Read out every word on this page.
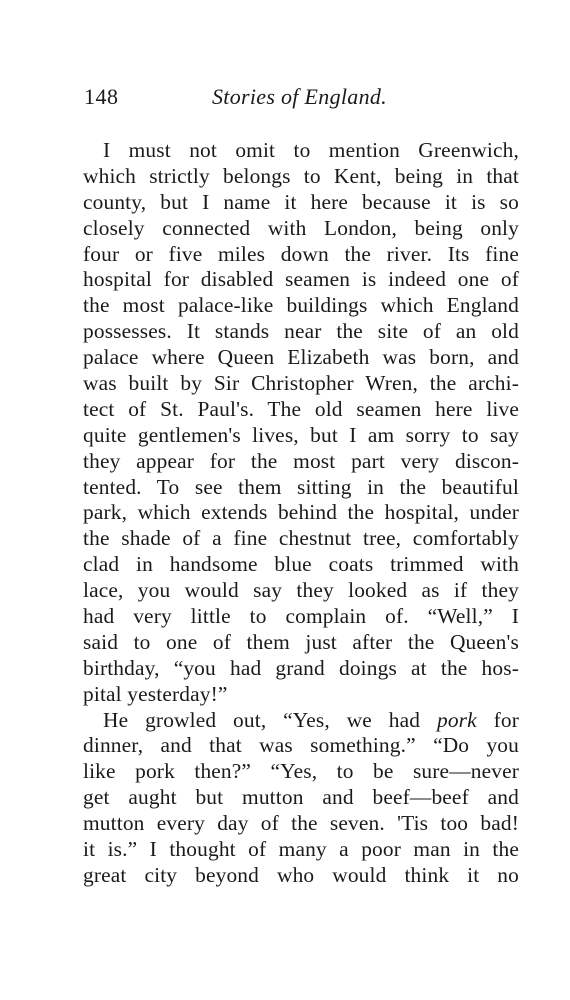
148	Stories of England.
I must not omit to mention Greenwich,
which strictly belongs to Kent, being in that
county, but I name it here because it is so
closely connected with London, being only
four or five miles down the river. Its fine
hospital for disabled seamen is indeed one of
the most palace-like buildings which England
possesses. It stands near the site of an old
palace where Queen Elizabeth was born, and
was built by Sir Christopher Wren, the archi-
tect of St. Paul's. The old seamen here live
quite gentlemen's lives, but I am sorry to say
they appear for the most part very discon-
tented. To see them sitting in the beautiful
park, which extends behind the hospital, under
the shade of a fine chestnut tree, comfortably
clad in handsome blue coats trimmed with
lace, you would say they looked as if they
had very little to complain of. “Well,” I
said to one of them just after the Queen's
birthday, “you had grand doings at the hos-
pital yesterday!”
He growled out, “Yes, we had pork for
dinner, and that was something.” “Do you
like pork then?” “Yes, to be sure—never
get aught but mutton and beef—beef and
mutton every day of the seven. 'Tis too bad!
it is.” I thought of many a poor man in the
great city beyond who would think it no
